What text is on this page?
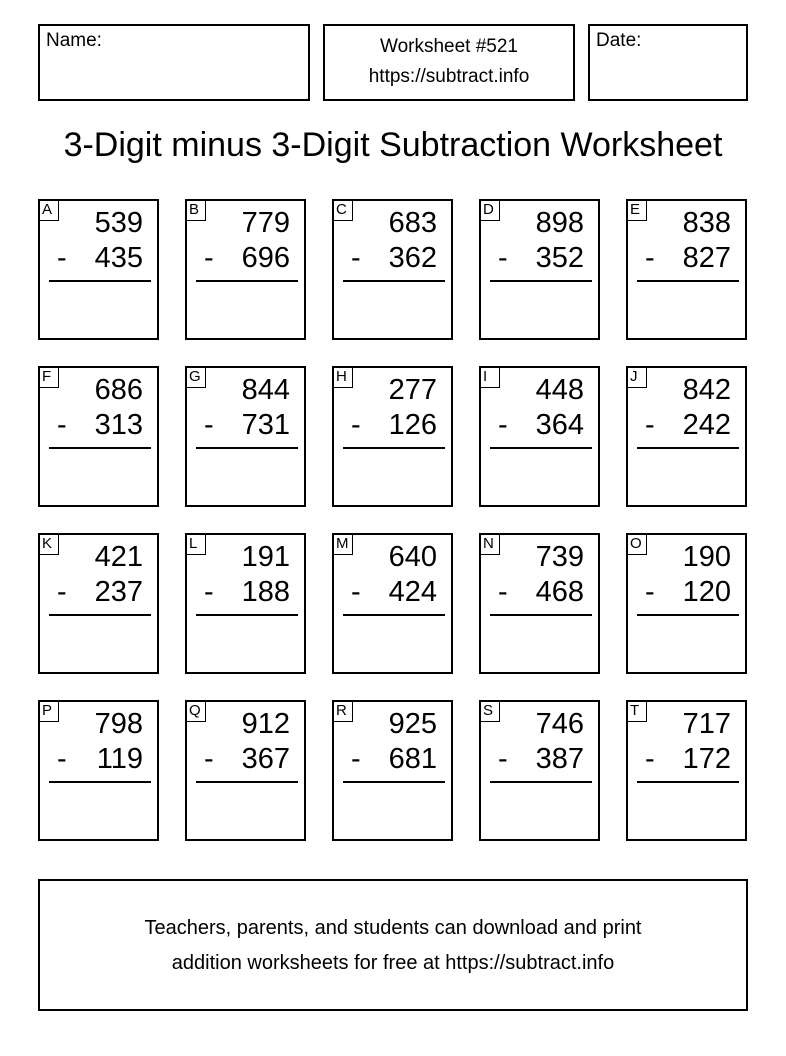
Name:	Worksheet #521
https://subtract.info
Date:
3-Digit minus 3-Digit Subtraction Worksheet
A 539
- 435
B 779
- 696
C 683
- 362
D 898
- 352
E 838
- 827
F 686
- 313
G 844
- 731
H 277
- 126
I	448
- 364
J	842
- 242
K 421
- 237
L 191
- 188
M 640
- 424
N 739
- 468
O 190
- 120
P 798
- 119
Q 912
- 367
R 925
- 681
S 746
- 387
T 717
- 172
Teachers, parents, and students can download and print
addition worksheets for free at https://subtract.info
